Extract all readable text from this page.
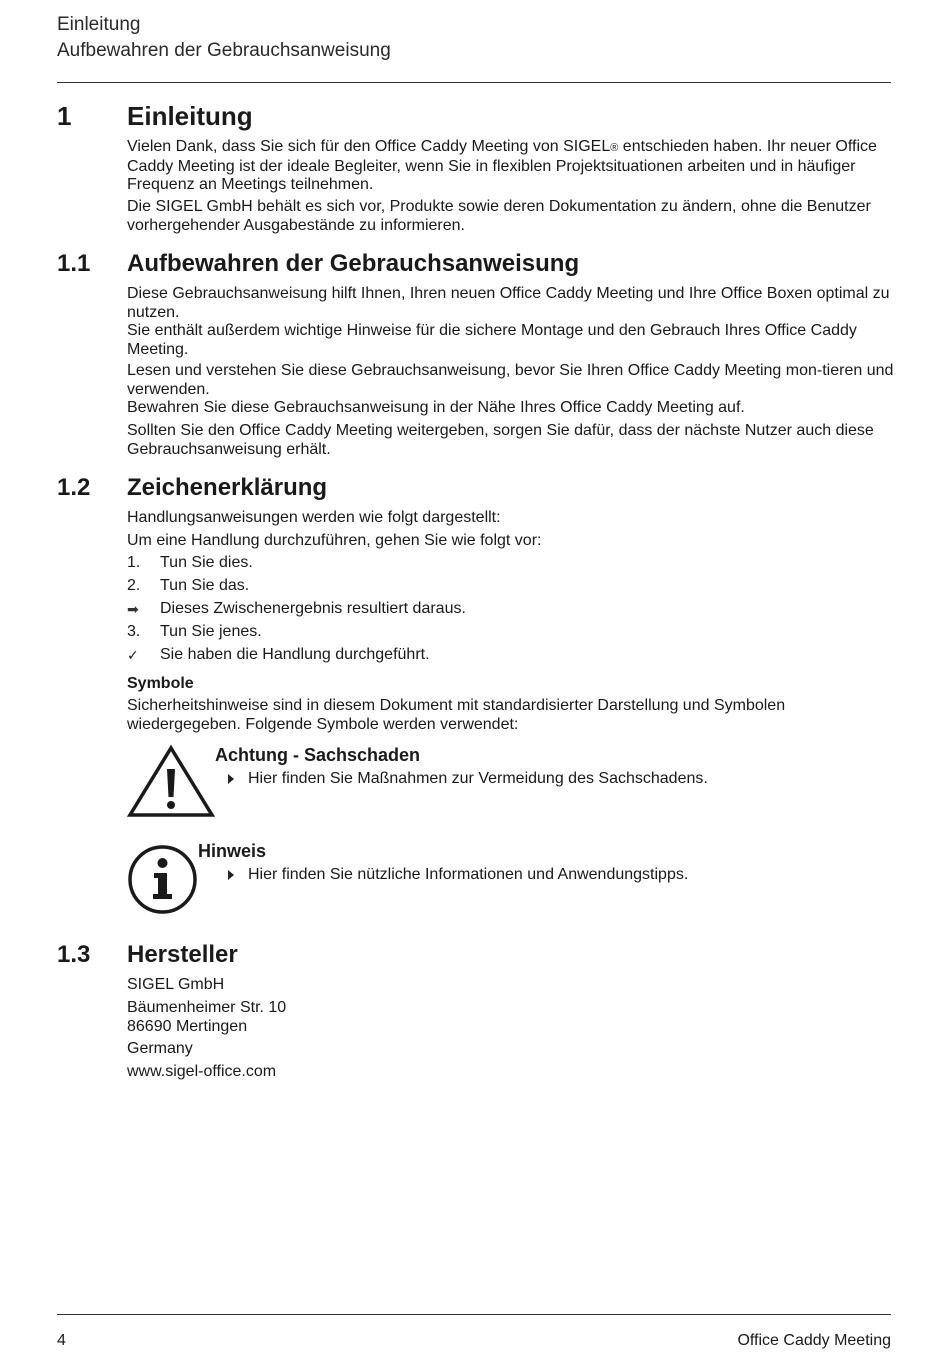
Einleitung
Aufbewahren der Gebrauchsanweisung
1 Einleitung

Vielen Dank, dass Sie sich für den Office Caddy Meeting von SIGEL® entschieden haben. Ihr neuer Office Caddy Meeting ist der ideale Begleiter, wenn Sie in flexiblen Projektsituationen arbeiten und in häufiger Frequenz an Meetings teilnehmen.

Die SIGEL GmbH behält es sich vor, Produkte sowie deren Dokumentation zu ändern, ohne die Benutzer vorhergehender Ausgabestände zu informieren.
1.1 Aufbewahren der Gebrauchsanweisung

Diese Gebrauchsanweisung hilft Ihnen, Ihren neuen Office Caddy Meeting und Ihre Office Boxen optimal zu nutzen.

Sie enthält außerdem wichtige Hinweise für die sichere Montage und den Gebrauch Ihres Office Caddy Meeting.

Lesen und verstehen Sie diese Gebrauchsanweisung, bevor Sie Ihren Office Caddy Meeting mon-tieren und verwenden.

Bewahren Sie diese Gebrauchsanweisung in der Nähe Ihres Office Caddy Meeting auf.

Sollten Sie den Office Caddy Meeting weitergeben, sorgen Sie dafür, dass der nächste Nutzer auch diese Gebrauchsanweisung erhält.
1.2 Zeichenerklärung
Handlungsanweisungen werden wie folgt dargestellt:
Um eine Handlung durchzuführen, gehen Sie wie folgt vor:
1.	Tun Sie dies.
2.	Tun Sie das.
➡	Dieses Zwischenergebnis resultiert daraus.
3.	Tun Sie jenes.
✓	Sie haben die Handlung durchgeführt.
Symbole
Sicherheitshinweise sind in diesem Dokument mit standardisierter Darstellung und Symbolen wiedergegeben. Folgende Symbole werden verwendet:
Achtung - Sachschaden
Hier finden Sie Maßnahmen zur Vermeidung des Sachschadens.
Hinweis
Hier finden Sie nützliche Informationen und Anwendungstipps.
1.3 Hersteller
SIGEL GmbH

Bäumenheimer Str. 10

86690 Mertingen

Germany
www.sigel-office.com
4	Office Caddy Meeting
